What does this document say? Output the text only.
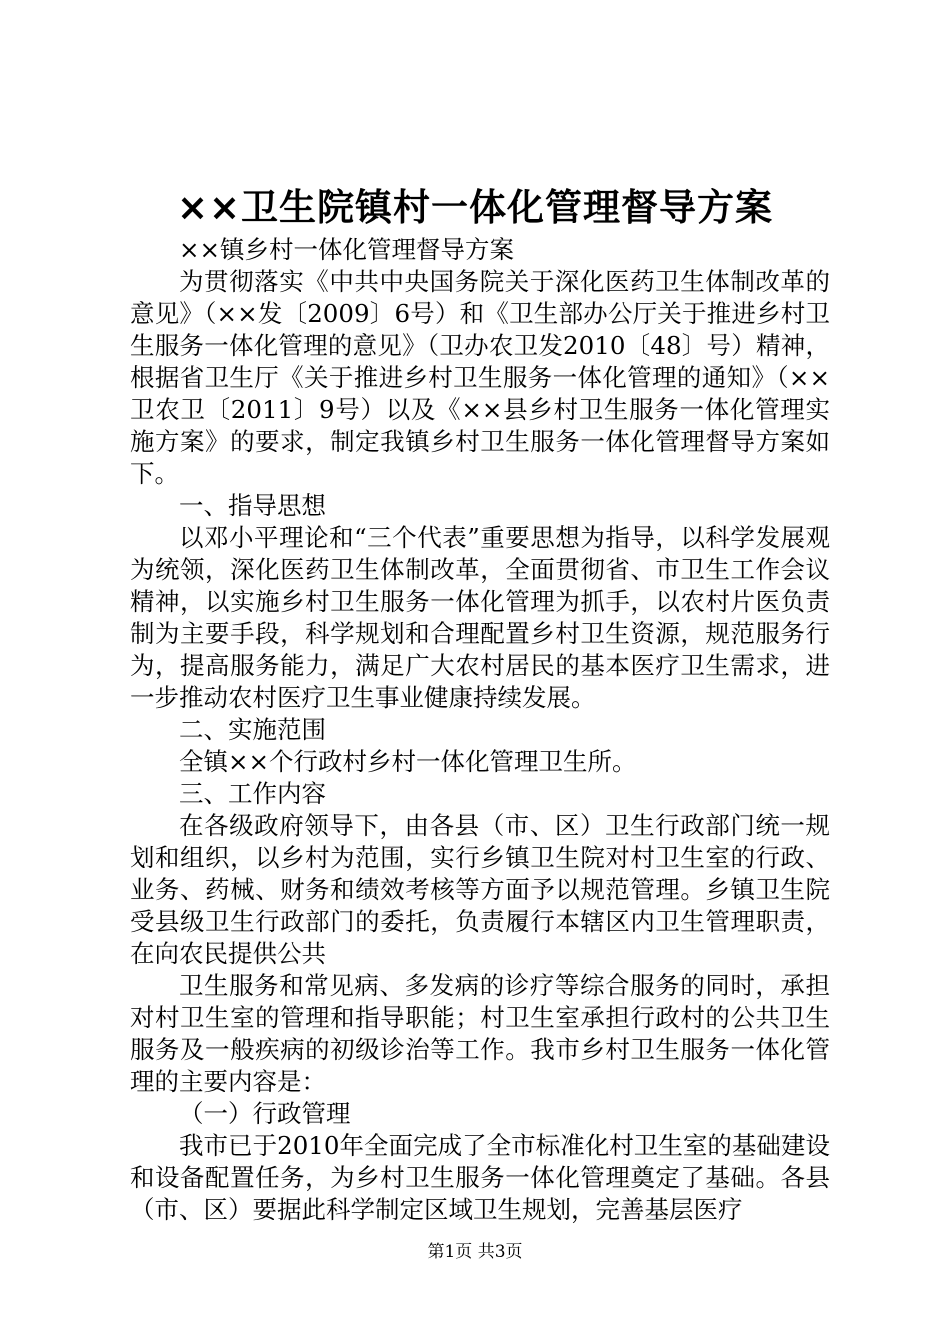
××卫生院镇村一体化管理督导方案

××镇乡村一体化管理督导方案

为贯彻落实《中共中央国务院关于深化医药卫生体制改革的意见》（××发〔2009〕6号）和《卫生部办公厅关于推进乡村卫生服务一体化管理的意见》（卫办农卫发2010〔48〕号）精神，根据省卫生厅《关于推进乡村卫生服务一体化管理的通知》（××卫农卫〔2011〕9号）以及《××县乡村卫生服务一体化管理实施方案》的要求，制定我镇乡村卫生服务一体化管理督导方案如下。

一、指导思想

以邓小平理论和“三个代表”重要思想为指导，以科学发展观为统领，深化医药卫生体制改革，全面贯彻省、市卫生工作会议精神，以实施乡村卫生服务一体化管理为抓手，以农村片医负责制为主要手段，科学规划和合理配置乡村卫生资源，规范服务行为，提高服务能力，满足广大农村居民的基本医疗卫生需求，进一步推动农村医疗卫生事业健康持续发展。

二、实施范围

全镇××个行政村乡村一体化管理卫生所。

三、工作内容

在各级政府领导下，由各县（市、区）卫生行政部门统一规划和组织，以乡村为范围，实行乡镇卫生院对村卫生室的行政、业务、药械、财务和绩效考核等方面予以规范管理。乡镇卫生院受县级卫生行政部门的委托，负责履行本辖区内卫生管理职责，在向农民提供公共

卫生服务和常见病、多发病的诊疗等综合服务的同时，承担对村卫生室的管理和指导职能；村卫生室承担行政村的公共卫生服务及一般疾病的初级诊治等工作。我市乡村卫生服务一体化管理的主要内容是：

（一）行政管理

我市已于2010年全面完成了全市标准化村卫生室的基础建设和设备配置任务，为乡村卫生服务一体化管理奠定了基础。各县（市、区）要据此科学制定区域卫生规划，完善基层医疗

第1页 共3页
